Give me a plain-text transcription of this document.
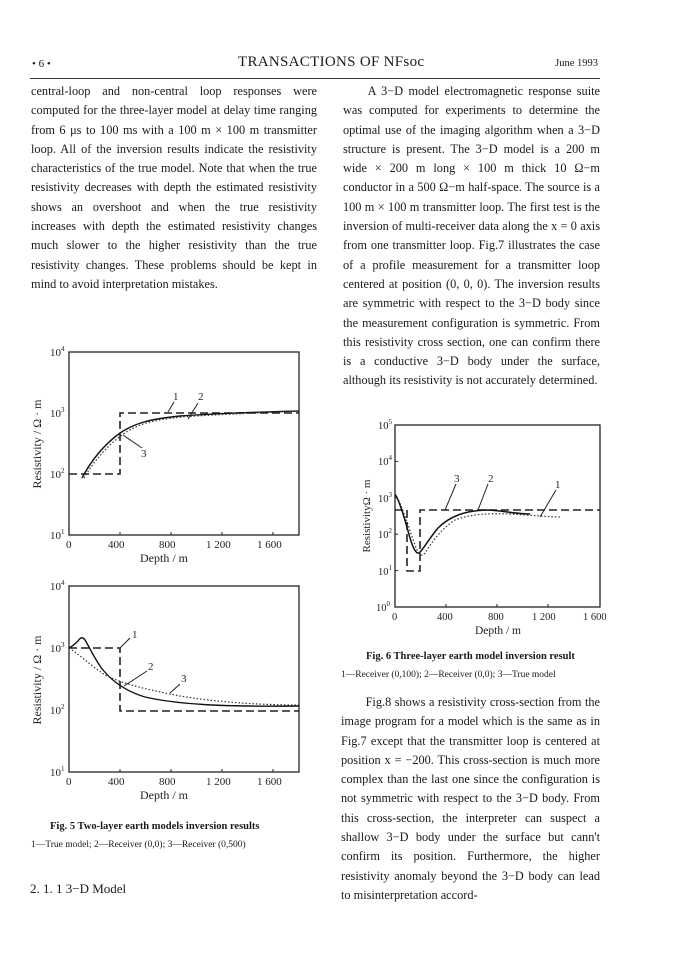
• 6 •	TRANSACTIONS OF NFsoc	June 1993

central-loop and non-central loop responses were computed for the three-layer model at delay time ranging from 6 μs to 100 ms with a 100 m × 100 m transmitter loop. All of the inversion results indicate the resistivity characteristics of the true model. Note that when the true resistivity decreases with depth the estimated resistivity shows an overshoot and when the true resistivity increases with depth the estimated resistivity changes much slower to the higher resistivity than the true resistivity changes. These problems should be kept in mind to avoid interpretation mistakes.

A 3−D model electromagnetic response suite was computed for experiments to determine the optimal use of the imaging algorithm when a 3−D structure is present. The 3−D model is a 200 m wide × 200 m long × 100 m thick 10 Ω−m conductor in a 500 Ω−m half-space. The source is a 100 m × 100 m transmitter loop. The first test is the inversion of multi-receiver data along the x = 0 axis from one transmitter loop. Fig.7 illustrates the case of a profile measurement for a transmitter loop centered at position (0, 0, 0). The inversion results are symmetric with respect to the 3−D body since the measurement configuration is symmetric. From this resistivity cross section, one can confirm there is a conductive 3−D body under the surface, although its resistivity is not accurately determined.

$10^4$
$10^3$
$10^2$
$10^1$
0	400	800	1 200 1 600
Depth / m
Resistivity / Ω · m
1 2
3
$10^4$
$10^3$
$10^2$
$10^1$
0	400	800	1 200 1 600
Depth / m
Resistivity / Ω · m
1
2
3
Fig. 5 Two-layer earth models inversion results
1—True model; 2—Receiver (0,0); 3—Receiver (0,500)
2. 1. 1 3−D Model
$10^5$
$10^4$
$10^3$
$10^2$
$10^1$
$10^0$
0	400	800	1 200	1 600
Depth / m
ResistivityΩ · m
3	2	1
Fig. 6 Three-layer earth model inversion result
1—Receiver (0,100); 2—Receiver (0,0); 3—True model

Fig.8 shows a resistivity cross-section from the image program for a model which is the same as in Fig.7 except that the transmitter loop is centered at position x = −200. This cross-section is much more complex than the last one since the configuration is not symmetric with respect to the 3−D body. From this cross-section, the interpreter can suspect a shallow 3−D body under the surface but cann't confirm its position. Furthermore, the higher resistivity anomaly beyond the 3−D body can lead to misinterpretation accord-
